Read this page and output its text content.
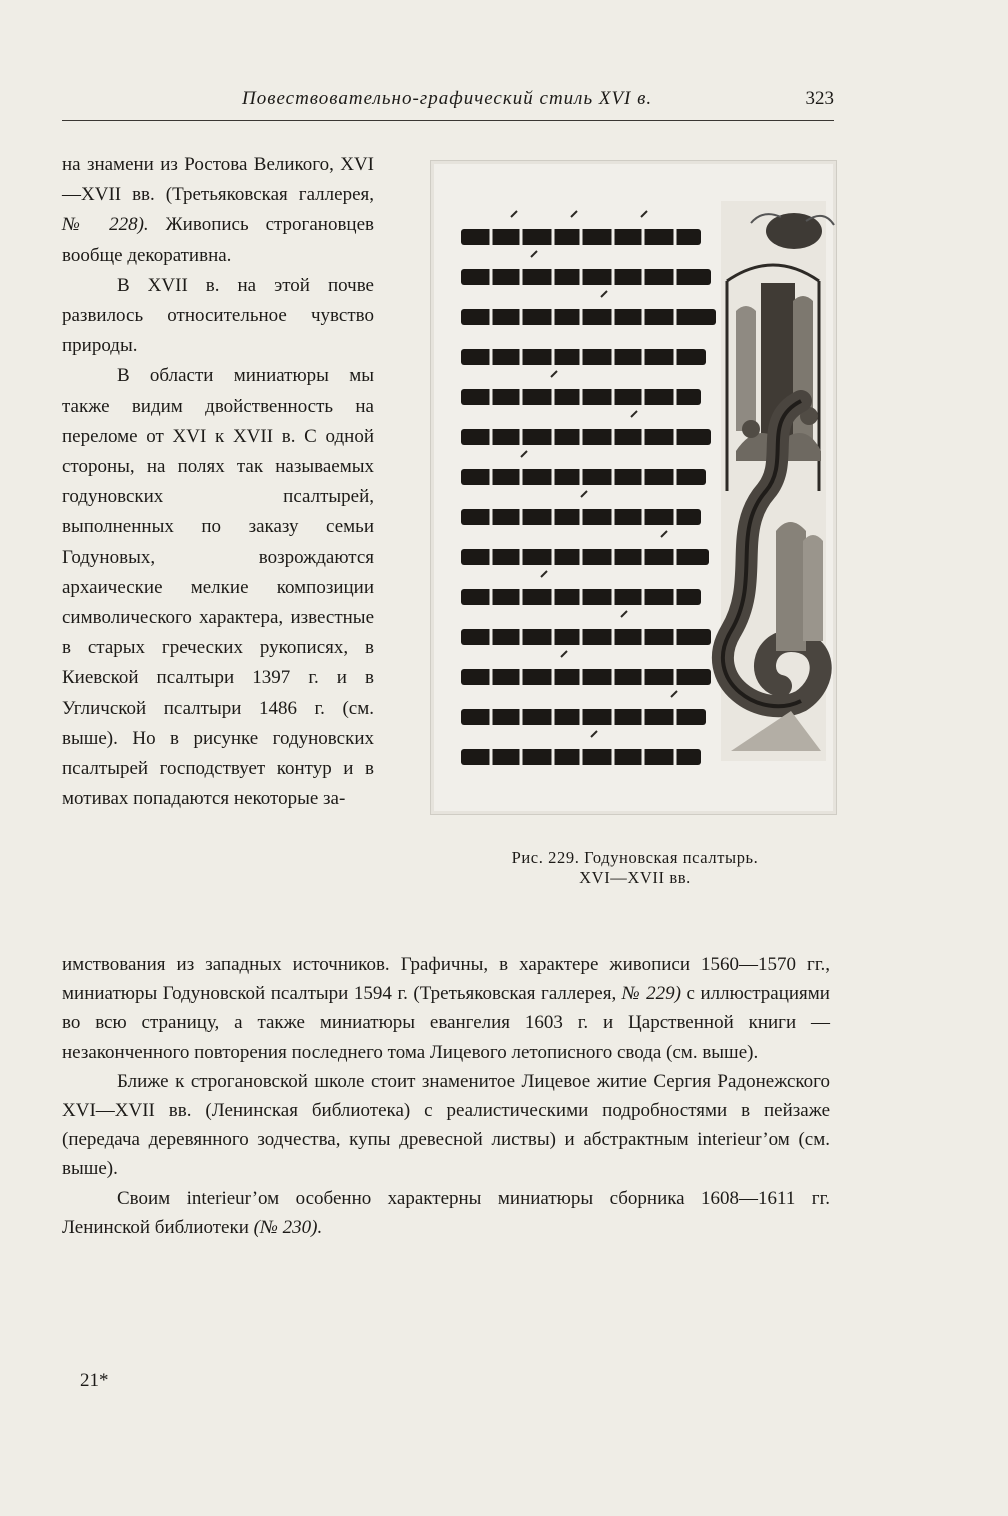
Повествовательно-графический стиль XVI в.	323

на знамени из Ростова Великого, XVI—XVII вв. (Третьяковская галлерея, № 228). Живопись строгановцев вообще декоративна.

В XVII в. на этой почве развилось относительное чувство природы.

В области миниатюры мы также видим двойственность на переломе от XVI к XVII в. С одной стороны, на полях так называемых годуновских псалтырей, выполненных по заказу семьи Годуновых, возрождаются архаические мелкие композиции символического характера, известные в старых греческих рукописях, в Киевской псалтыри 1397 г. и в Угличской псалтыри 1486 г. (см. выше). Но в рисунке годуновских псалтырей господствует контур и в мотивах попадаются некоторые за-

Рис. 229. Годуновская псалтырь.
XVI—XVII вв.

имствования из западных источников. Графичны, в характере живописи 1560—1570 гг., миниатюры Годуновской псалтыри 1594 г. (Третьяковская галлерея, № 229) с иллюстрациями во всю страницу, а также миниатюры евангелия 1603 г. и Царственной книги — незаконченного повторения последнего тома Лицевого летописного свода (см. выше).

Ближе к строгановской школе стоит знаменитое Лицевое житие Сергия Радонежского XVI—XVII вв. (Ленинская библиотека) с реалистическими подробностями в пейзаже (передача деревянного зодчества, купы древесной листвы) и абстрактным interieur’ом (см. выше).

Своим interieur’ом особенно характерны миниатюры сборника 1608—1611 гг. Ленинской библиотеки (№ 230).

21*
